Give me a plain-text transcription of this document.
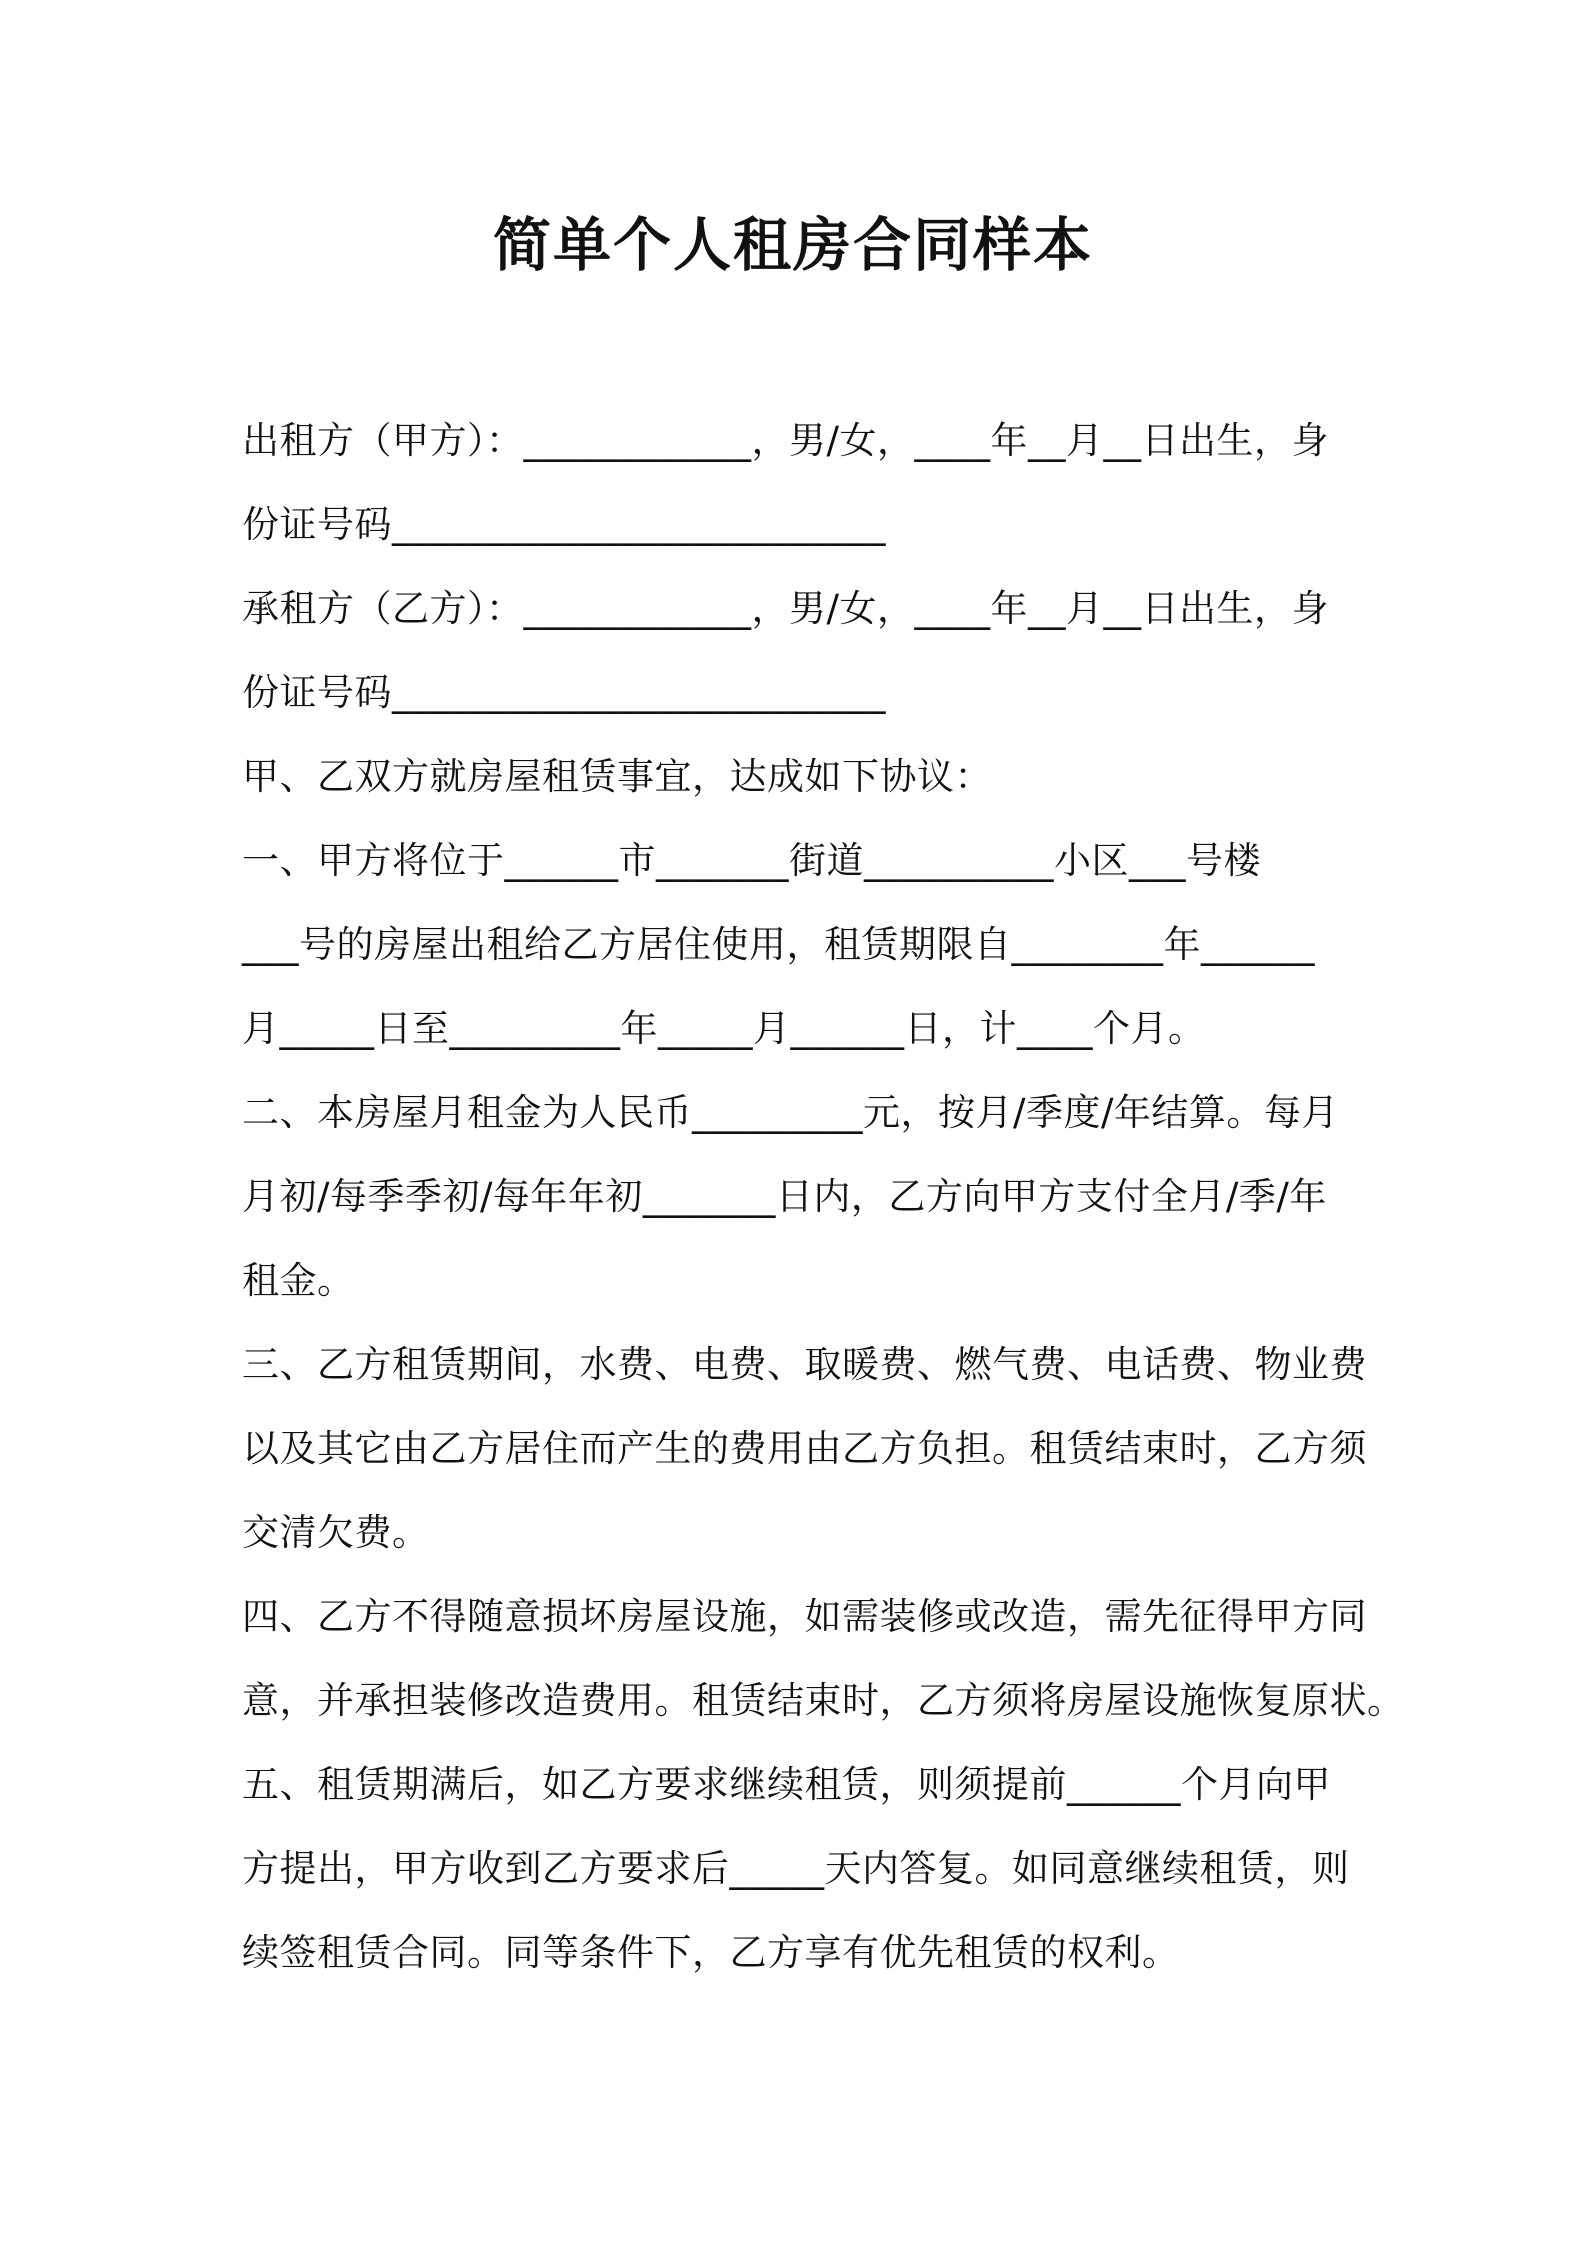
简单个人租房合同样本
出租方（甲方）：____________，男/女，____年__月__日出生，身
份证号码__________________________
承租方（乙方）：____________，男/女，____年__月__日出生，身
份证号码__________________________
甲、乙双方就房屋租赁事宜，达成如下协议：
一、甲方将位于______市_______街道__________小区___号楼
___号的房屋出租给乙方居住使用，租赁期限自________年______
月_____日至_________年_____月______日，计____个月。
二、本房屋月租金为人民币_________元，按月/季度/年结算。每月
月初/每季季初/每年年初_______日内，乙方向甲方支付全月/季/年
租金。
三、乙方租赁期间，水费、电费、取暖费、燃气费、电话费、物业费
以及其它由乙方居住而产生的费用由乙方负担。租赁结束时，乙方须
交清欠费。
四、乙方不得随意损坏房屋设施，如需装修或改造，需先征得甲方同
意，并承担装修改造费用。租赁结束时，乙方须将房屋设施恢复原状。
五、租赁期满后，如乙方要求继续租赁，则须提前______个月向甲
方提出，甲方收到乙方要求后_____天内答复。如同意继续租赁，则
续签租赁合同。同等条件下，乙方享有优先租赁的权利。
